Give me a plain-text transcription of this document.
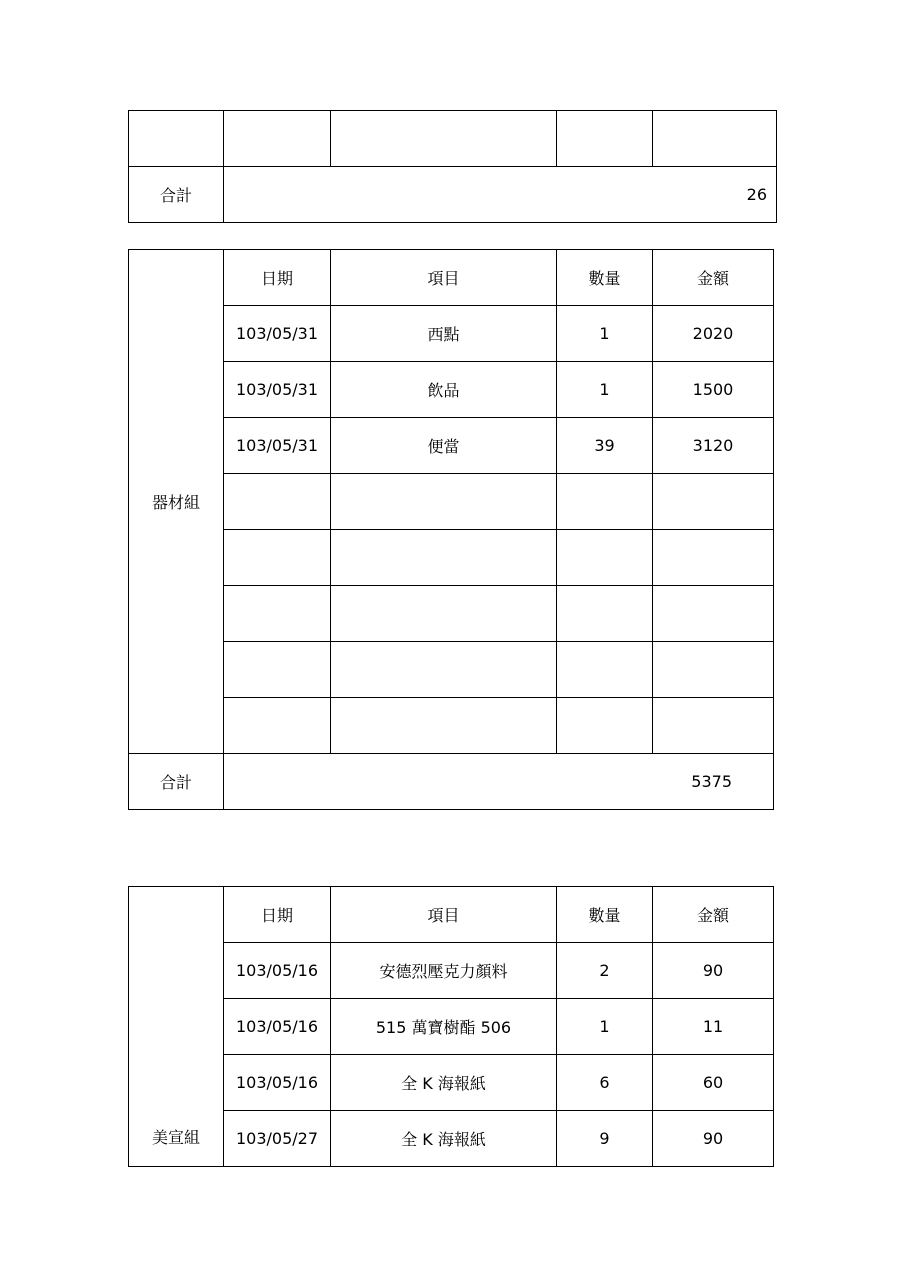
合計	26			
器材組	日期	項目	數量	金額
	103/05/31	西點	1	2020
	103/05/31	飲品	1	1500
	103/05/31	便當	39	3120

合計	5375			
美宣組	日期	項目	數量	金額
	103/05/16	安德烈壓克力顏料	2	90
	103/05/16	515 萬寶樹酯 506	1	11
	103/05/16	全 K 海報紙	6	60
	103/05/27	全 K 海報紙	9	90
